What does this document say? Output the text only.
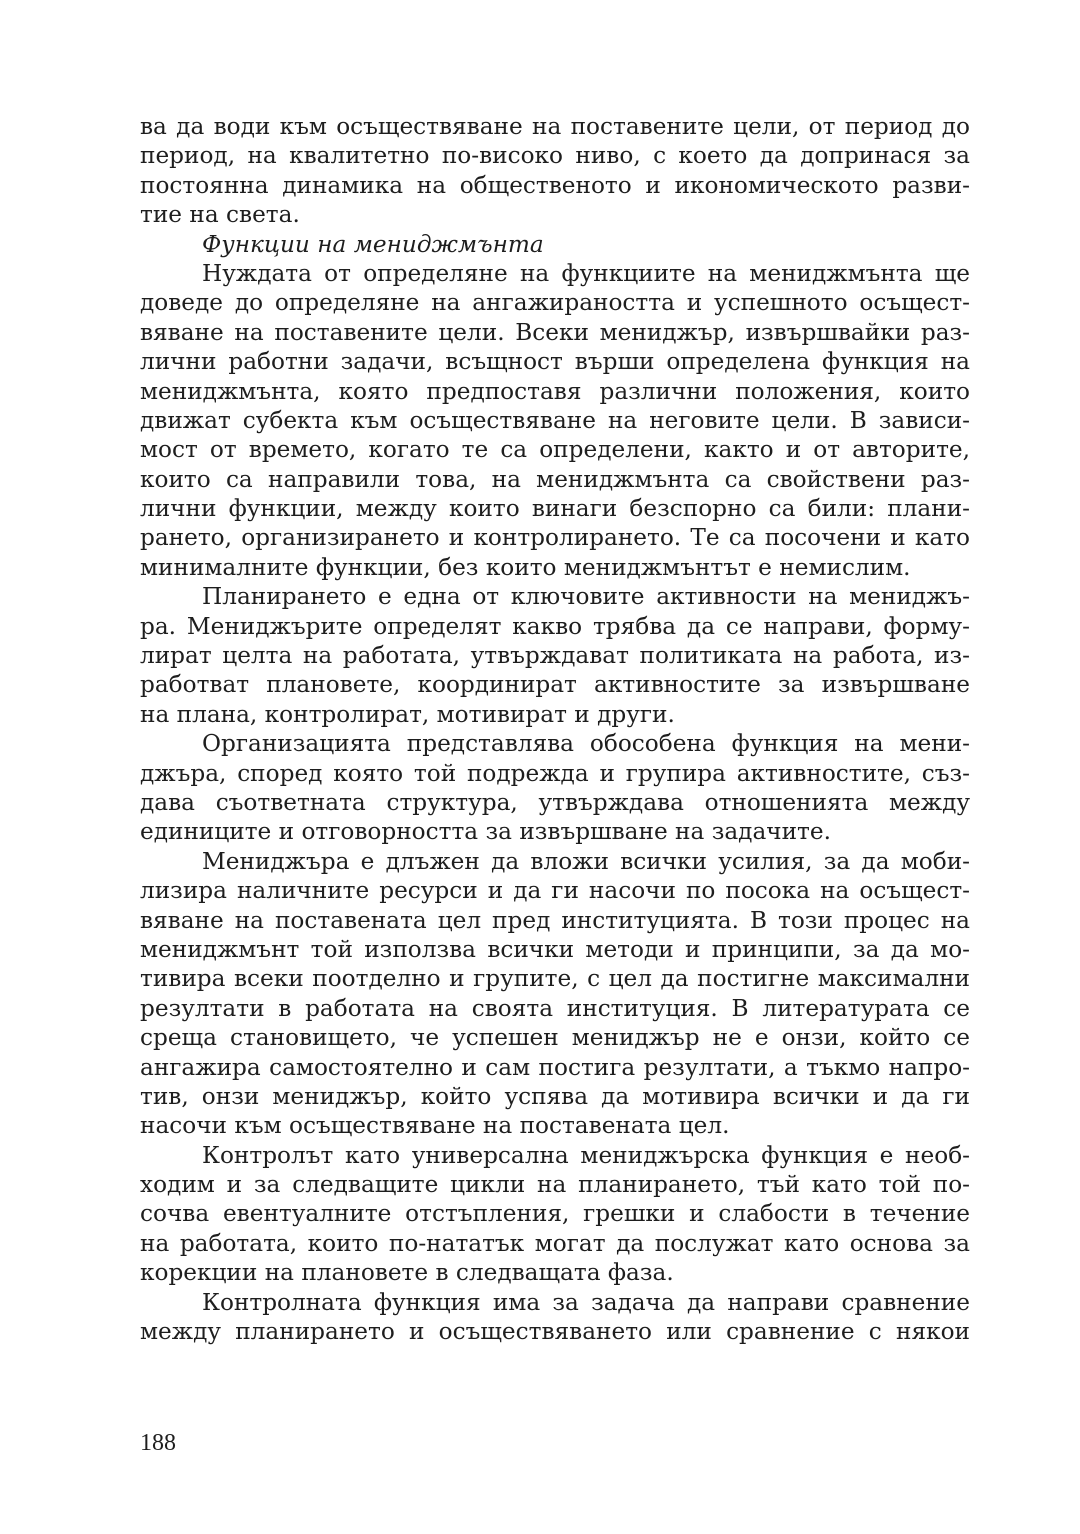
ва да води към осъществяване на поставените цели, от период до
период, на квалитетно по-високо ниво, с което да допринася за
постоянна динамика на общественото и икономическото разви-
тие на света.
Функции на мениджмънта
Нуждата от определяне на функциите на мениджмънта ще
доведе до определяне на ангажираността и успешното осъщест-
вяване на поставените цели. Всеки мениджър, извършвайки раз-
лични работни задачи, всъщност върши определена функция на
мениджмънта, която предпоставя различни положения, които
движат субекта към осъществяване на неговите цели. В зависи-
мост от времето, когато те са определени, както и от авторите,
които са направили това, на мениджмънта са свойствени раз-
лични функции, между които винаги безспорно са били: плани-
рането, организирането и контролирането. Те са посочени и като
минималните функции, без които мениджмънтът е немислим.
Планирането е една от ключовите активности на мениджъ-
ра. Мениджърите определят какво трябва да се направи, форму-
лират целта на работата, утвърждават политиката на работа, из-
работват плановете, координират активностите за извършване
на плана, контролират, мотивират и други.
Организацията представлява обособена функция на мени-
джъра, според която той подрежда и групира активностите, съз-
дава съответната структура, утвърждава отношенията между
единиците и отговорността за извършване на задачите.
Мениджъра е длъжен да вложи всички усилия, за да моби-
лизира наличните ресурси и да ги насочи по посока на осъщест-
вяване на поставената цел пред институцията. В този процес на
мениджмънт той използва всички методи и принципи, за да мо-
тивира всеки поотделно и групите, с цел да постигне максимални
резултати в работата на своята институция. В литературата се
среща становището, че успешен мениджър не е онзи, който се
ангажира самостоятелно и сам постига резултати, а тъкмо напро-
тив, онзи мениджър, който успява да мотивира всички и да ги
насочи към осъществяване на поставената цел.
Контролът като универсална мениджърска функция е необ-
ходим и за следващите цикли на планирането, тъй като той по-
сочва евентуалните отстъпления, грешки и слабости в течение
на работата, които по-нататък могат да послужат като основа за
корекции на плановете в следващата фаза.
Контролната функция има за задача да направи сравнение
между планирането и осъществяването или сравнение с някои
188
